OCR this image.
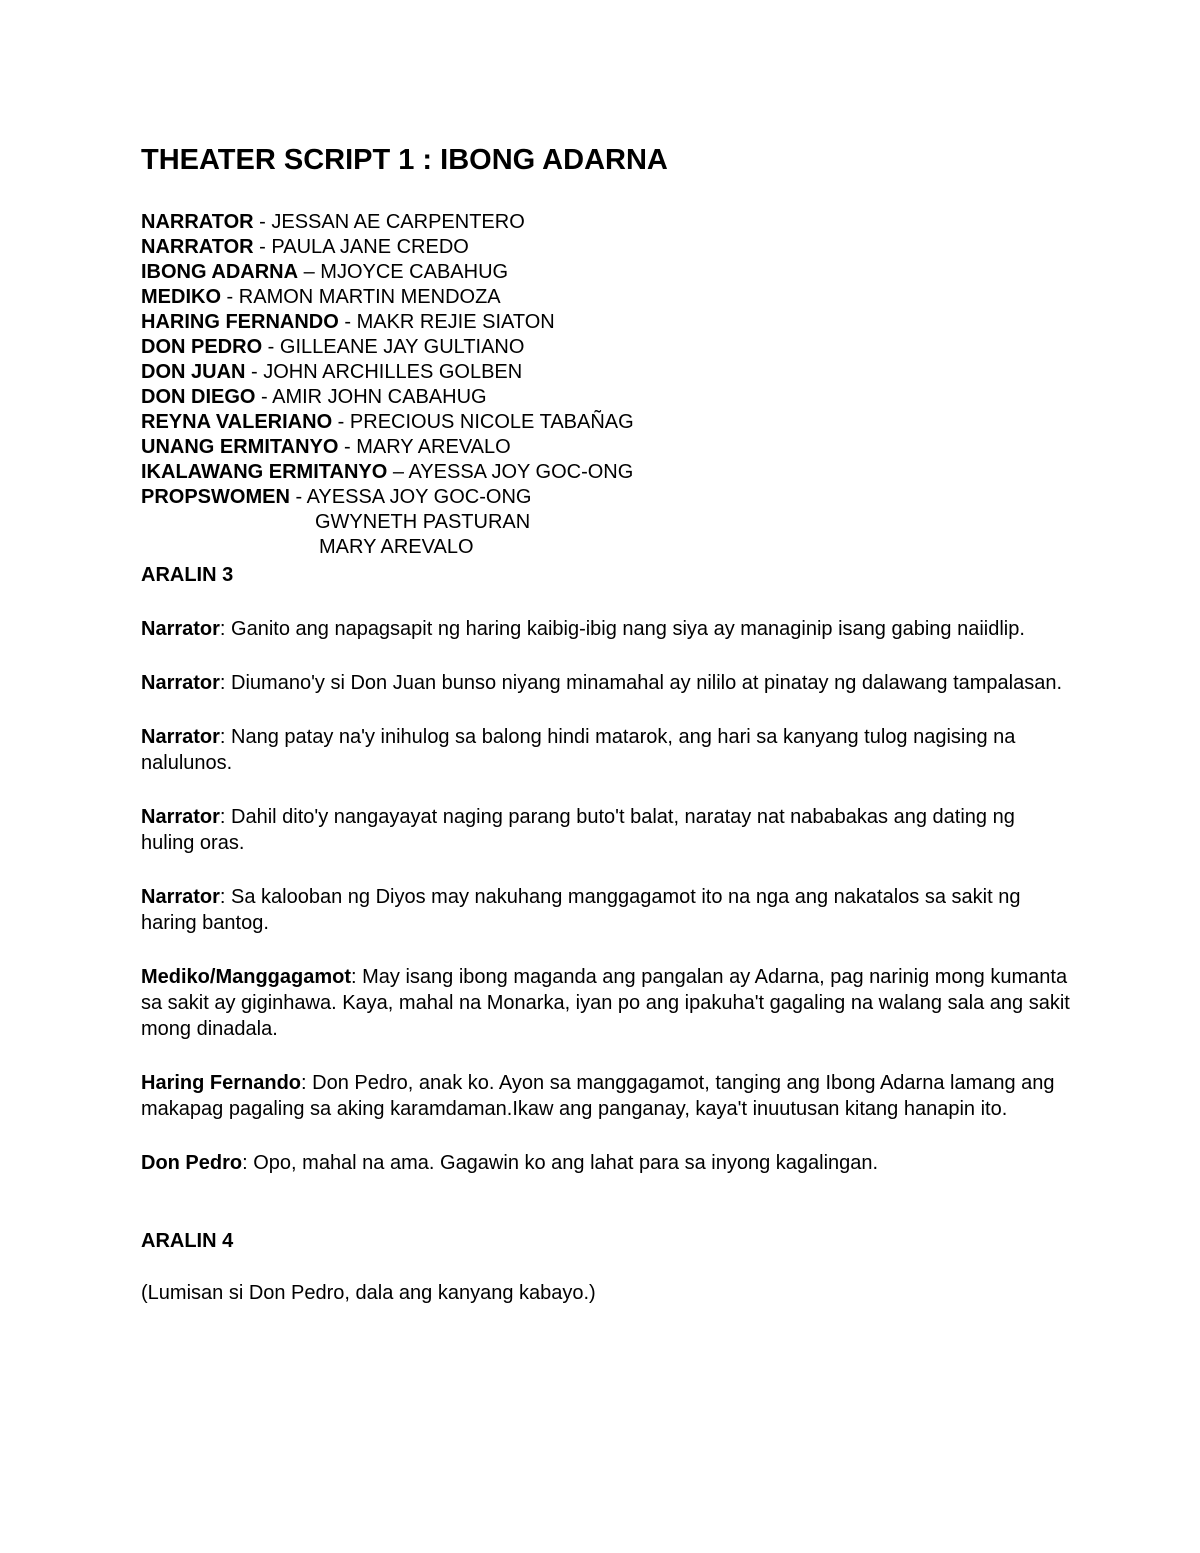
THEATER SCRIPT 1 : IBONG ADARNA
NARRATOR - JESSAN AE CARPENTERO
NARRATOR - PAULA JANE CREDO
IBONG ADARNA – MJOYCE CABAHUG
MEDIKO - RAMON MARTIN MENDOZA
HARING FERNANDO - MAKR REJIE SIATON
DON PEDRO - GILLEANE JAY GULTIANO
DON JUAN - JOHN ARCHILLES GOLBEN
DON DIEGO - AMIR JOHN CABAHUG
REYNA VALERIANO - PRECIOUS NICOLE TABAÑAG
UNANG ERMITANYO - MARY AREVALO
IKALAWANG ERMITANYO – AYESSA JOY GOC-ONG
PROPSWOMEN - AYESSA JOY GOC-ONG
GWYNETH PASTURAN
MARY AREVALO
ARALIN 3

Narrator: Ganito ang napagsapit ng haring kaibig-ibig nang siya ay managinip isang gabing naiidlip.

Narrator: Diumano'y si Don Juan bunso niyang minamahal ay nililo at pinatay ng dalawang tampalasan.

Narrator: Nang patay na'y inihulog sa balong hindi matarok, ang hari sa kanyang tulog nagising na nalulunos.

Narrator: Dahil dito'y nangayayat naging parang buto't balat, naratay nat nababakas ang dating ng huling oras.

Narrator: Sa kalooban ng Diyos may nakuhang manggagamot ito na nga ang nakatalos sa sakit ng haring bantog.

Mediko/Manggagamot: May isang ibong maganda ang pangalan ay Adarna, pag narinig mong kumanta sa sakit ay giginhawa. Kaya, mahal na Monarka, iyan po ang ipakuha't gagaling na walang sala ang sakit mong dinadala.

Haring Fernando: Don Pedro, anak ko. Ayon sa manggagamot, tanging ang Ibong Adarna lamang ang makapag pagaling sa aking karamdaman.Ikaw ang panganay, kaya't inuutusan kitang hanapin ito.

Don Pedro: Opo, mahal na ama. Gagawin ko ang lahat para sa inyong kagalingan.

ARALIN 4

(Lumisan si Don Pedro, dala ang kanyang kabayo.)
